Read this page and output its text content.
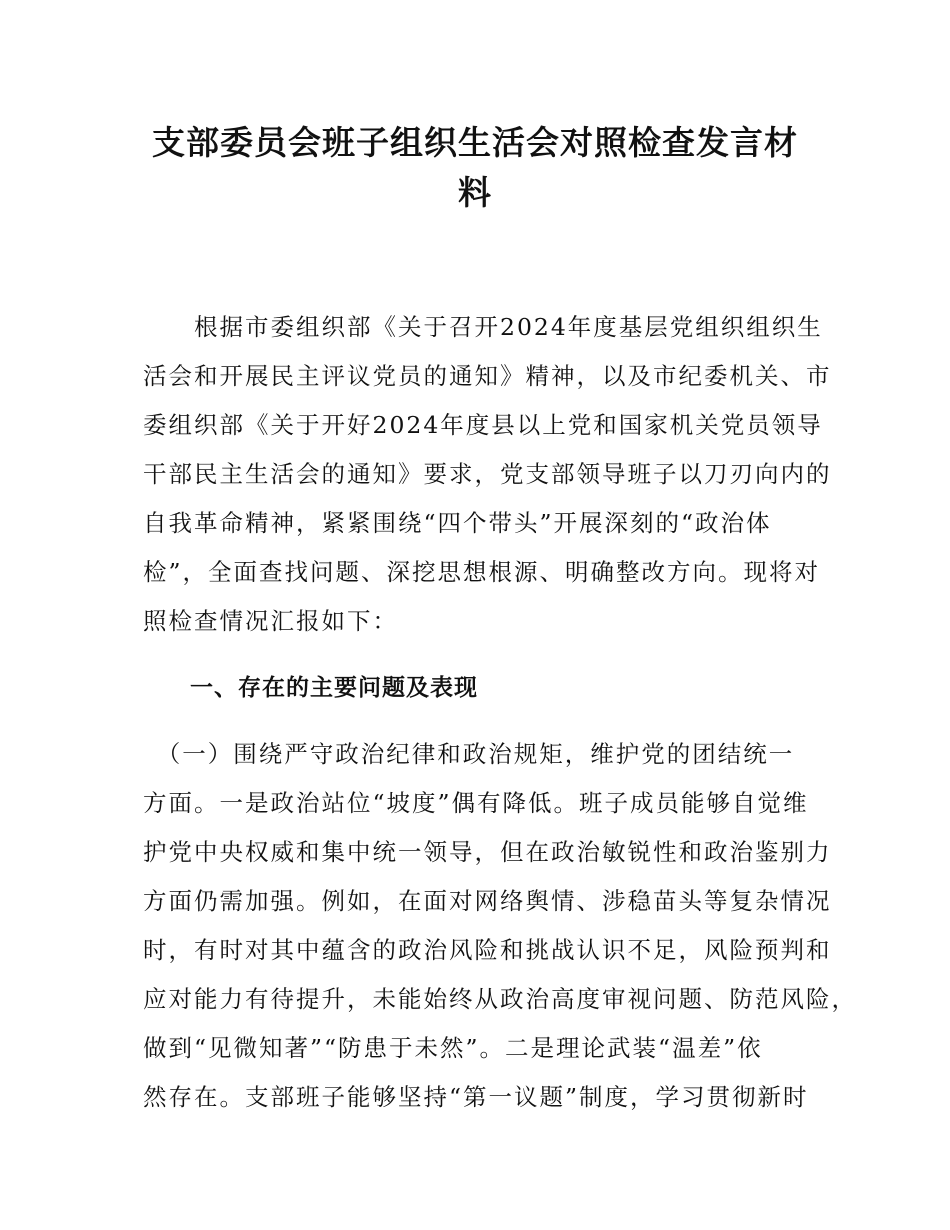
支部委员会班子组织生活会对照检查发言材
料
　　根据市委组织部《关于召开2024年度基层党组织组织生
活会和开展民主评议党员的通知》精神，以及市纪委机关、市
委组织部《关于开好2024年度县以上党和国家机关党员领导
干部民主生活会的通知》要求，党支部领导班子以刀刃向内的
自我革命精神，紧紧围绕“四个带头”开展深刻的“政治体
检”，全面查找问题、深挖思想根源、明确整改方向。现将对
照检查情况汇报如下：
一、存在的主要问题及表现
　（一）围绕严守政治纪律和政治规矩，维护党的团结统一
方面。一是政治站位“坡度”偶有降低。班子成员能够自觉维
护党中央权威和集中统一领导，但在政治敏锐性和政治鉴别力
方面仍需加强。例如，在面对网络舆情、涉稳苗头等复杂情况
时，有时对其中蕴含的政治风险和挑战认识不足，风险预判和
应对能力有待提升，未能始终从政治高度审视问题、防范风险，
做到“见微知著”“防患于未然”。二是理论武装“温差”依
然存在。支部班子能够坚持“第一议题”制度，学习贯彻新时
